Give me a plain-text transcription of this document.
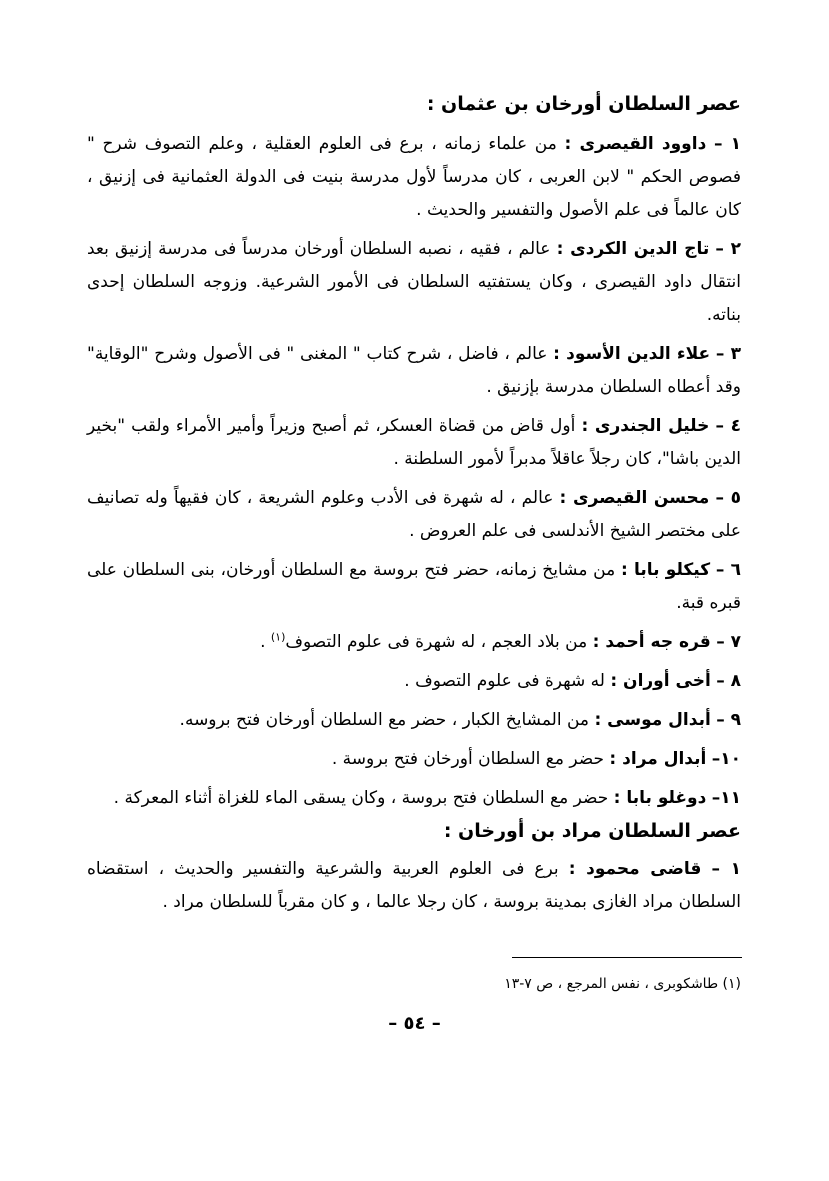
عصر السلطان أورخان بن عثمان :

١ – داوود القيصرى : من علماء زمانه ، برع فى العلوم العقلية ، وعلم التصوف شرح " فصوص الحكم " لابن العربى ، كان مدرساً لأول مدرسة بنيت فى الدولة العثمانية فى إزنيق ، كان عالماً فى علم الأصول والتفسير والحديث .

٢ – تاج الدين الكردى : عالم ، فقيه ، نصبه السلطان أورخان مدرساً فى مدرسة إزنيق بعد انتقال داود القيصرى ، وكان يستفتيه السلطان فى الأمور الشرعية. وزوجه السلطان إحدى بناته.

٣ – علاء الدين الأسود : عالم ، فاضل ، شرح كتاب " المغنى " فى الأصول وشرح "الوقاية" وقد أعطاه السلطان مدرسة بإزنيق .

٤ – خليل الجندرى : أول قاض من قضاة العسكر، ثم أصبح وزيراً وأمير الأمراء ولقب "بخير الدين باشا"، كان رجلاً عاقلاً مدبراً لأمور السلطنة .

٥ – محسن القيصرى : عالم ، له شهرة فى الأدب وعلوم الشريعة ، كان فقيهاً وله تصانيف على مختصر الشيخ الأندلسى فى علم العروض .

٦ – كيكلو بابا : من مشايخ زمانه، حضر فتح بروسة مع السلطان أورخان، بنى السلطان على قبره قبة.

٧ – قره جه أحمد : من بلاد العجم ، له شهرة فى علوم التصوف$^{(١)}$ .

٨ – أخى أوران : له شهرة فى علوم التصوف .

٩ – أبدال موسى : من المشايخ الكبار ، حضر مع السلطان أورخان فتح بروسه.

١٠– أبدال مراد : حضر مع السلطان أورخان فتح بروسة .

١١– دوغلو بابا : حضر مع السلطان فتح بروسة ، وكان يسقى الماء للغزاة أثناء المعركة .

عصر السلطان مراد بن أورخان :

١ – قاضى محمود : برع فى العلوم العربية والشرعية والتفسير والحديث ، استقضاه السلطان مراد الغازى بمدينة بروسة ، كان رجلا عالما ، و كان مقرباً للسلطان مراد .

(١) طاشكوبرى ، نفس المرجع ، ص ٧-١٣
– ٥٤ –
